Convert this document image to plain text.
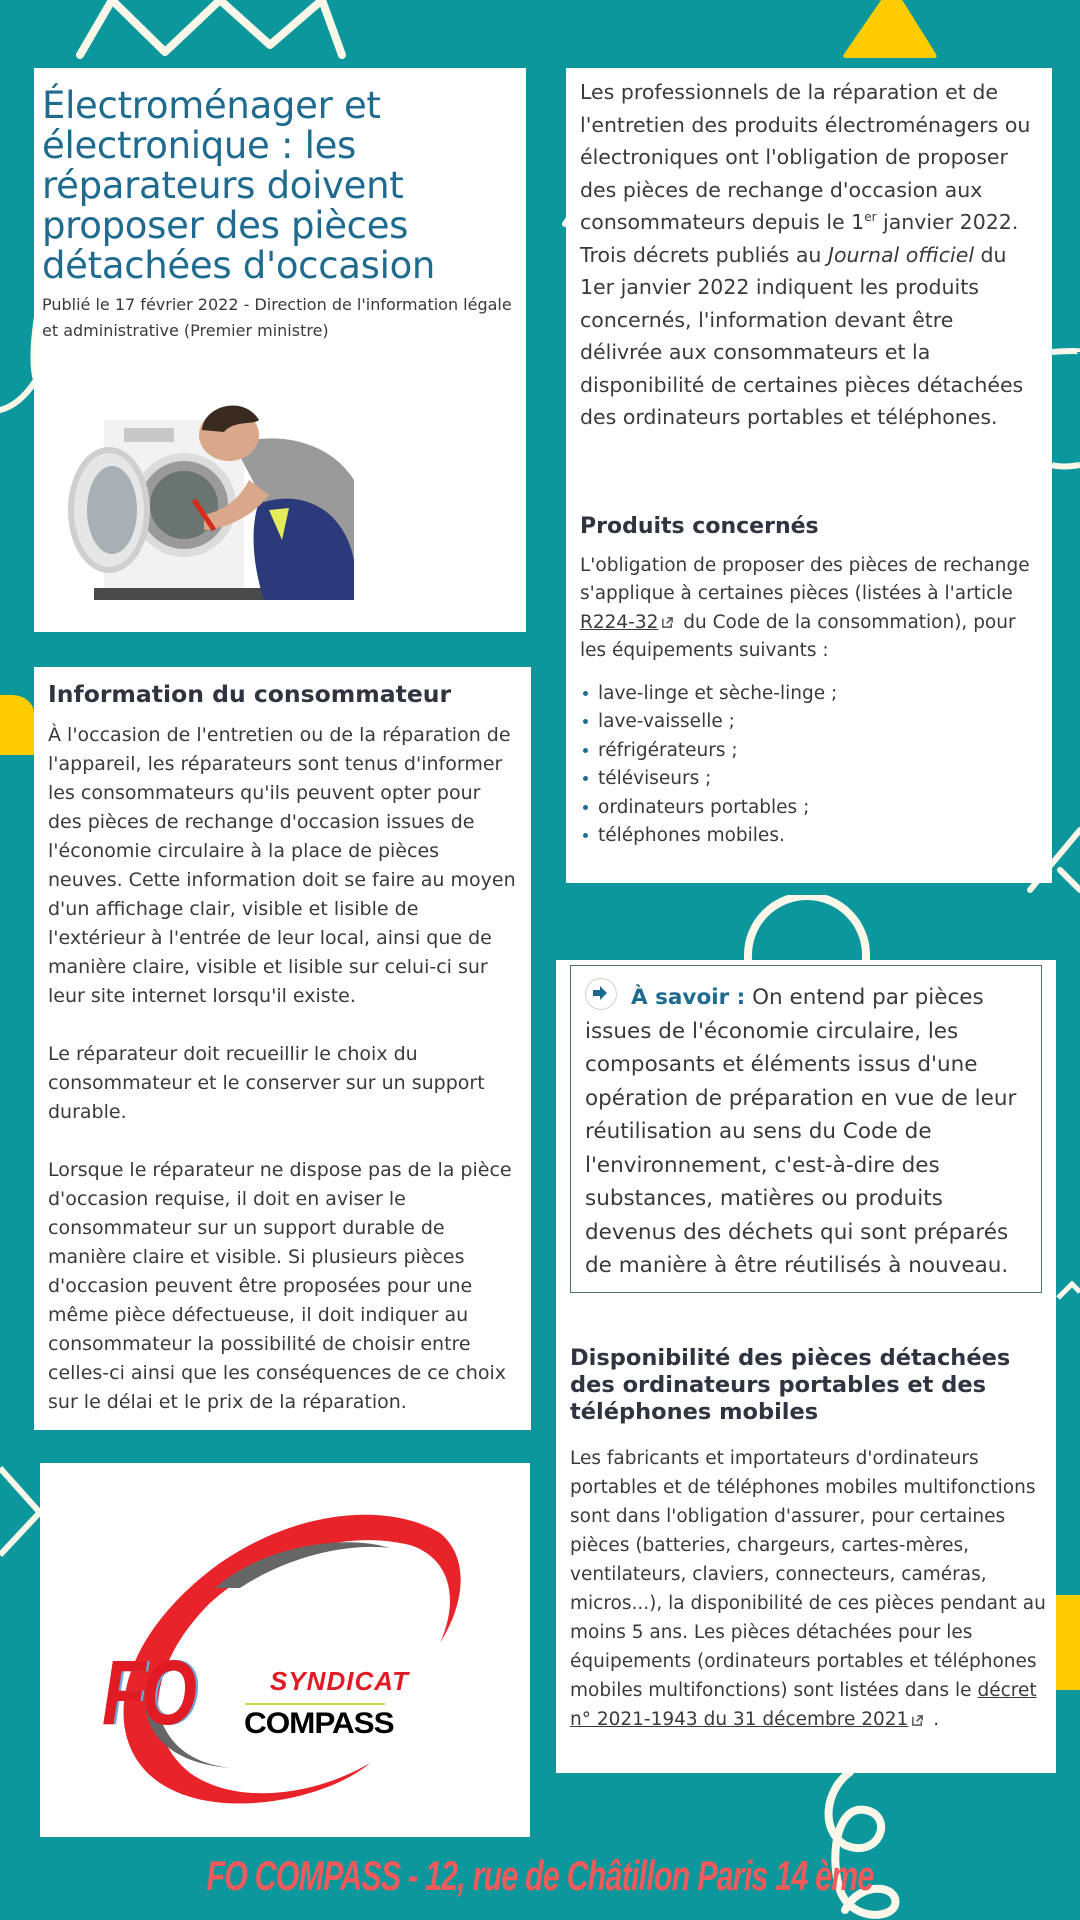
Électroménager et électronique : les réparateurs doivent proposer des pièces détachées d'occasion
Publié le 17 février 2022 - Direction de l'information légale et administrative (Premier ministre)
Information du consommateur

À l'occasion de l'entretien ou de la réparation de l'appareil, les réparateurs sont tenus d'informer les consommateurs qu'ils peuvent opter pour des pièces de rechange d'occasion issues de l'économie circulaire à la place de pièces neuves. Cette information doit se faire au moyen d'un affichage clair, visible et lisible de l'extérieur à l'entrée de leur local, ainsi que de manière claire, visible et lisible sur celui-ci sur leur site internet lorsqu'il existe.

Le réparateur doit recueillir le choix du consommateur et le conserver sur un support durable.

Lorsque le réparateur ne dispose pas de la pièce d'occasion requise, il doit en aviser le consommateur sur un support durable de manière claire et visible. Si plusieurs pièces d'occasion peuvent être proposées pour une même pièce défectueuse, il doit indiquer au consommateur la possibilité de choisir entre celles-ci ainsi que les conséquences de ce choix sur le délai et le prix de la réparation.

FO	SYNDICAT
COMPASS

Les professionnels de la réparation et de l'entretien des produits électroménagers ou électroniques ont l'obligation de proposer des pièces de rechange d'occasion aux consommateurs depuis le 1er janvier 2022. Trois décrets publiés au Journal officiel du 1er janvier 2022 indiquent les produits concernés, l'information devant être délivrée aux consommateurs et la disponibilité de certaines pièces détachées des ordinateurs portables et téléphones.

Produits concernés

L'obligation de proposer des pièces de rechange s'applique à certaines pièces (listées à l'article R224-32 du Code de la consommation), pour les équipements suivants :

lave-linge et sèche-linge ;
lave-vaisselle ;
réfrigérateurs ;
téléviseurs ;
ordinateurs portables ;
téléphones mobiles.

À savoir : On entend par pièces issues de l'économie circulaire, les composants et éléments issus d'une opération de préparation en vue de leur réutilisation au sens du Code de l'environnement, c'est-à-dire des substances, matières ou produits devenus des déchets qui sont préparés de manière à être réutilisés à nouveau.

Disponibilité des pièces détachées des ordinateurs portables et des téléphones mobiles

Les fabricants et importateurs d'ordinateurs portables et de téléphones mobiles multifonctions sont dans l'obligation d'assurer, pour certaines pièces (batteries, chargeurs, cartes-mères, ventilateurs, claviers, connecteurs, caméras, micros...), la disponibilité de ces pièces pendant au moins 5 ans. Les pièces détachées pour les équipements (ordinateurs portables et téléphones mobiles multifonctions) sont listées dans le décret n° 2021-1943 du 31 décembre 2021 .

FO COMPASS - 12, rue de Châtillon Paris 14 ème
